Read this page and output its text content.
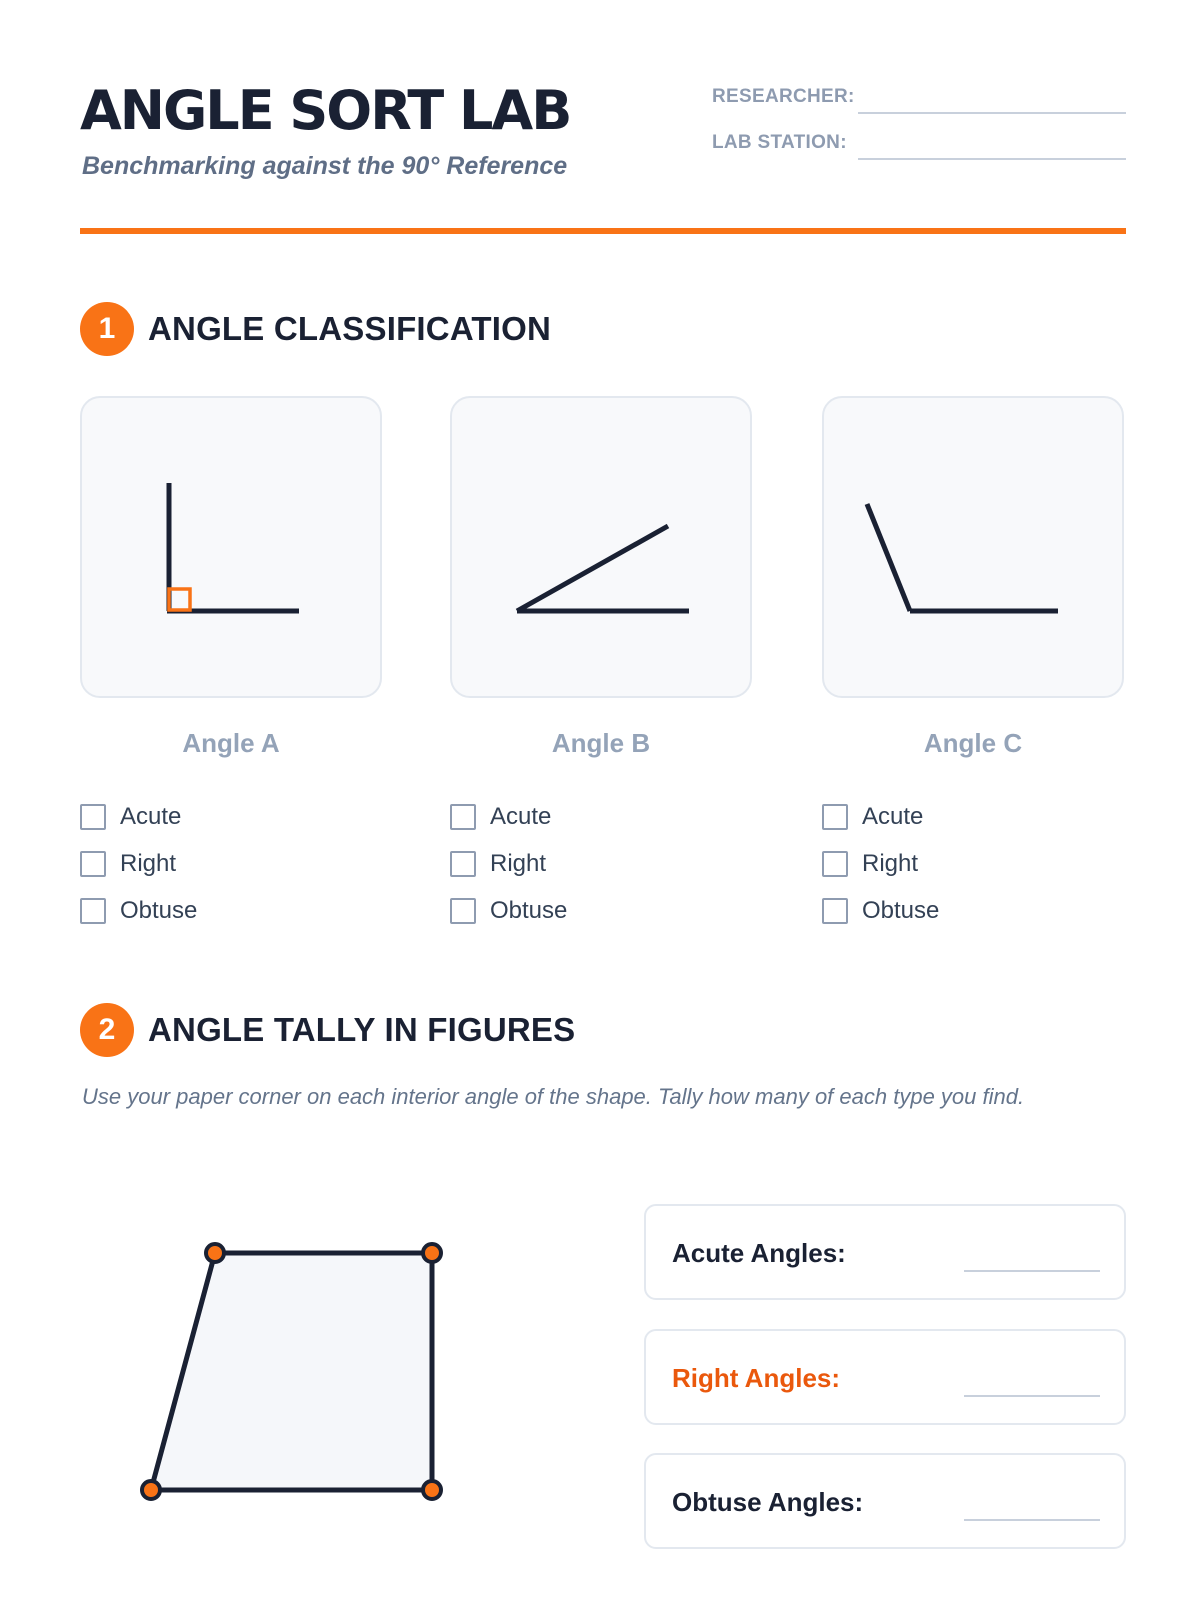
ANGLE SORT LAB
Benchmarking against the 90° Reference
RESEARCHER:
LAB STATION:
1 ANGLE CLASSIFICATION
Angle A	Angle B	Angle C
Acute
Right
Obtuse
Acute
Right
Obtuse
Acute
Right
Obtuse
2 ANGLE TALLY IN FIGURES
Use your paper corner on each interior angle of the shape. Tally how many of each type you find.
Acute Angles:
Right Angles:
Obtuse Angles:
